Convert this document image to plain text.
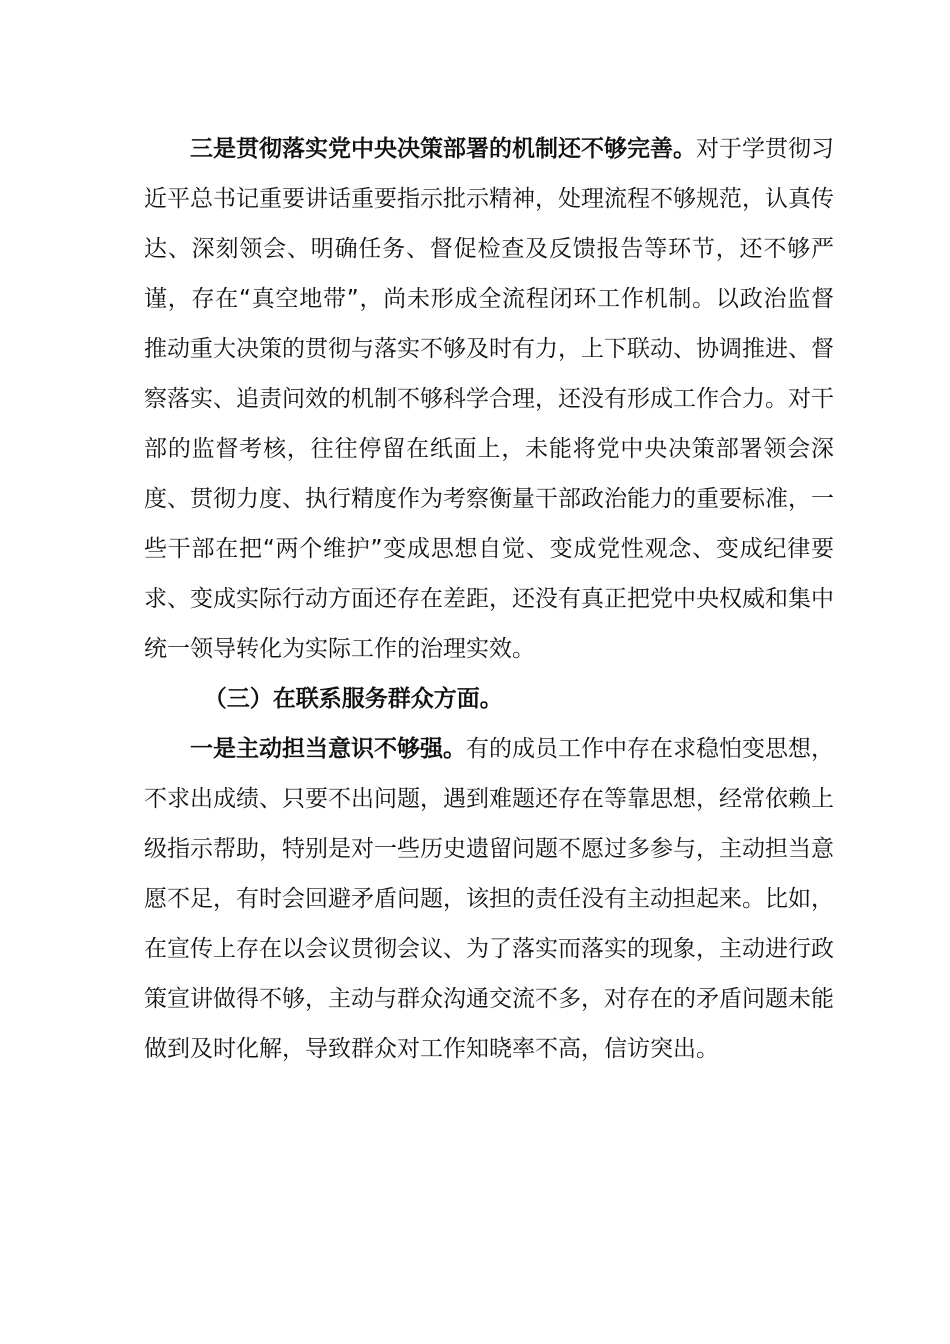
三是贯彻落实党中央决策部署的机制还不够完善。对于学贯彻习近平总书记重要讲话重要指示批示精神，处理流程不够规范，认真传达、深刻领会、明确任务、督促检查及反馈报告等环节，还不够严谨，存在“真空地带”，尚未形成全流程闭环工作机制。以政治监督推动重大决策的贯彻与落实不够及时有力，上下联动、协调推进、督察落实、追责问效的机制不够科学合理，还没有形成工作合力。对干部的监督考核，往往停留在纸面上，未能将党中央决策部署领会深度、贯彻力度、执行精度作为考察衡量干部政治能力的重要标准，一些干部在把“两个维护”变成思想自觉、变成党性观念、变成纪律要求、变成实际行动方面还存在差距，还没有真正把党中央权威和集中统一领导转化为实际工作的治理实效。

（三）在联系服务群众方面。

一是主动担当意识不够强。有的成员工作中存在求稳怕变思想，不求出成绩、只要不出问题，遇到难题还存在等靠思想，经常依赖上级指示帮助，特别是对一些历史遗留问题不愿过多参与，主动担当意愿不足，有时会回避矛盾问题，该担的责任没有主动担起来。比如，在宣传上存在以会议贯彻会议、为了落实而落实的现象，主动进行政策宣讲做得不够，主动与群众沟通交流不多，对存在的矛盾问题未能做到及时化解，导致群众对工作知晓率不高，信访突出。
